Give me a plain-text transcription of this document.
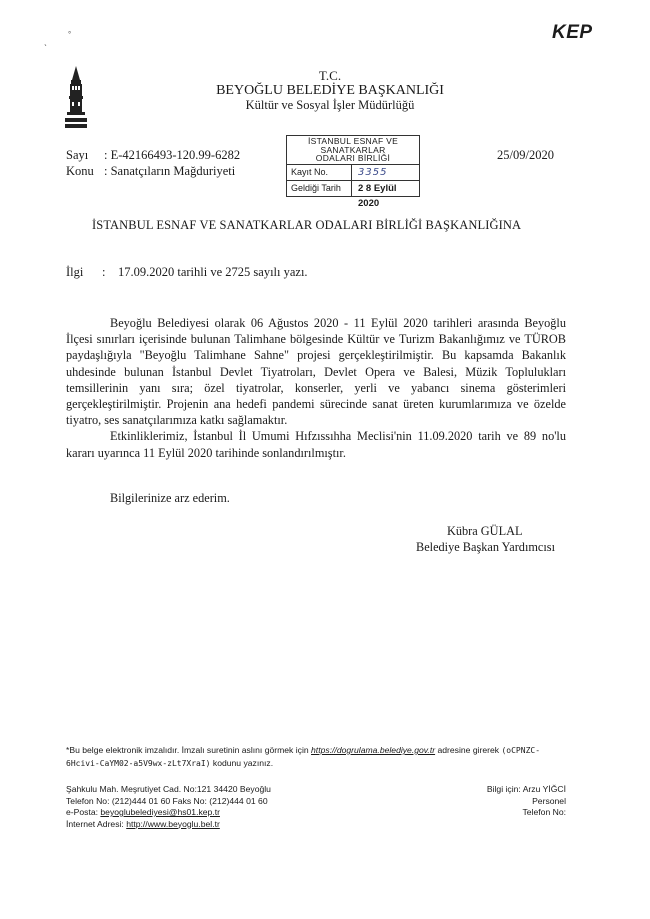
ˎ
°	KEP
T.C.
BEYOĞLU BELEDİYE BAŞKANLIĞI
Kültür ve Sosyal İşler Müdürlüğü
Sayı : E-42166493-120.99-6282
Konu : Sanatçıların Mağduriyeti
25/09/2020
İSTANBUL ESNAF VE
SANATKARLAR
ODALARI BİRLİĞİ
Kayıt No.	3355
Geldiği Tarih	2 8 Eylül 2020
İSTANBUL ESNAF VE SANATKARLAR ODALARI BİRLİĞİ BAŞKANLIĞINA
İlgi : 17.09.2020 tarihli ve 2725 sayılı yazı.

Beyoğlu Belediyesi olarak 06 Ağustos 2020 - 11 Eylül 2020 tarihleri arasında Beyoğlu İlçesi sınırları içerisinde bulunan Talimhane bölgesinde Kültür ve Turizm Bakanlığımız ve TÜROB paydaşlığıyla "Beyoğlu Talimhane Sahne" projesi gerçekleştirilmiştir. Bu kapsamda Bakanlık uhdesinde bulunan İstanbul Devlet Tiyatroları, Devlet Opera ve Balesi, Müzik Toplulukları temsillerinin yanı sıra; özel tiyatrolar, konserler, yerli ve yabancı sinema gösterimleri gerçekleştirilmiştir. Projenin ana hedefi pandemi sürecinde sanat üreten kurumlarımıza ve özelde tiyatro, ses sanatçılarımıza katkı sağlamaktır.

Etkinliklerimiz, İstanbul İl Umumi Hıfzıssıhha Meclisi'nin 11.09.2020 tarih ve 89 no'lu kararı uyarınca 11 Eylül 2020 tarihinde sonlandırılmıştır.

Bilgilerinize arz ederim.
Kübra GÜLAL
Belediye Başkan Yardımcısı
*Bu belge elektronik imzalıdır. İmzalı suretinin aslını görmek için https://dogrulama.belediye.gov.tr adresine girerek (oCPNZC-6Hcivi-CaYM02-a5V9wx-zLt7XraI) kodunu yazınız.
Şahkulu Mah. Meşrutiyet Cad. No:121 34420 Beyoğlu
Telefon No: (212)444 01 60 Faks No: (212)444 01 60
e-Posta: beyoglubelediyesi@hs01.kep.tr
İnternet Adresi: http://www.beyoglu.bel.tr
Bilgi için: Arzu YİĞCİ
Personel
Telefon No:
